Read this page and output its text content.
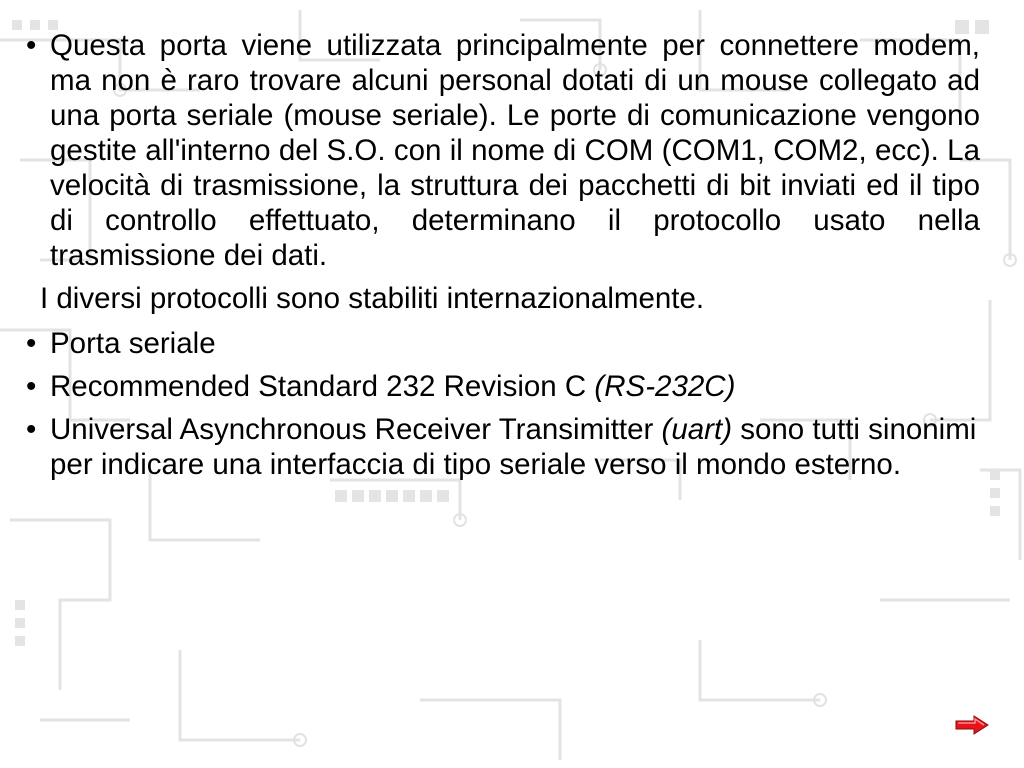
• Questa porta viene utilizzata principalmente per connettere modem, ma non è raro trovare alcuni personal dotati di un mouse collegato ad una porta seriale (mouse seriale). Le porte di comunicazione vengono gestite all'interno del S.O. con il nome di COM (COM1, COM2, ecc). La velocità di trasmissione, la struttura dei pacchetti di bit inviati ed il tipo di controllo effettuato, determinano il protocollo usato nella trasmissione dei dati.
I diversi protocolli sono stabiliti internazionalmente.
• Porta seriale
• Recommended Standard 232 Revision C (RS-232C)
• Universal Asynchronous Receiver Transimitter (uart) sono tutti sinonimi per indicare una interfaccia di tipo seriale verso il mondo esterno.
